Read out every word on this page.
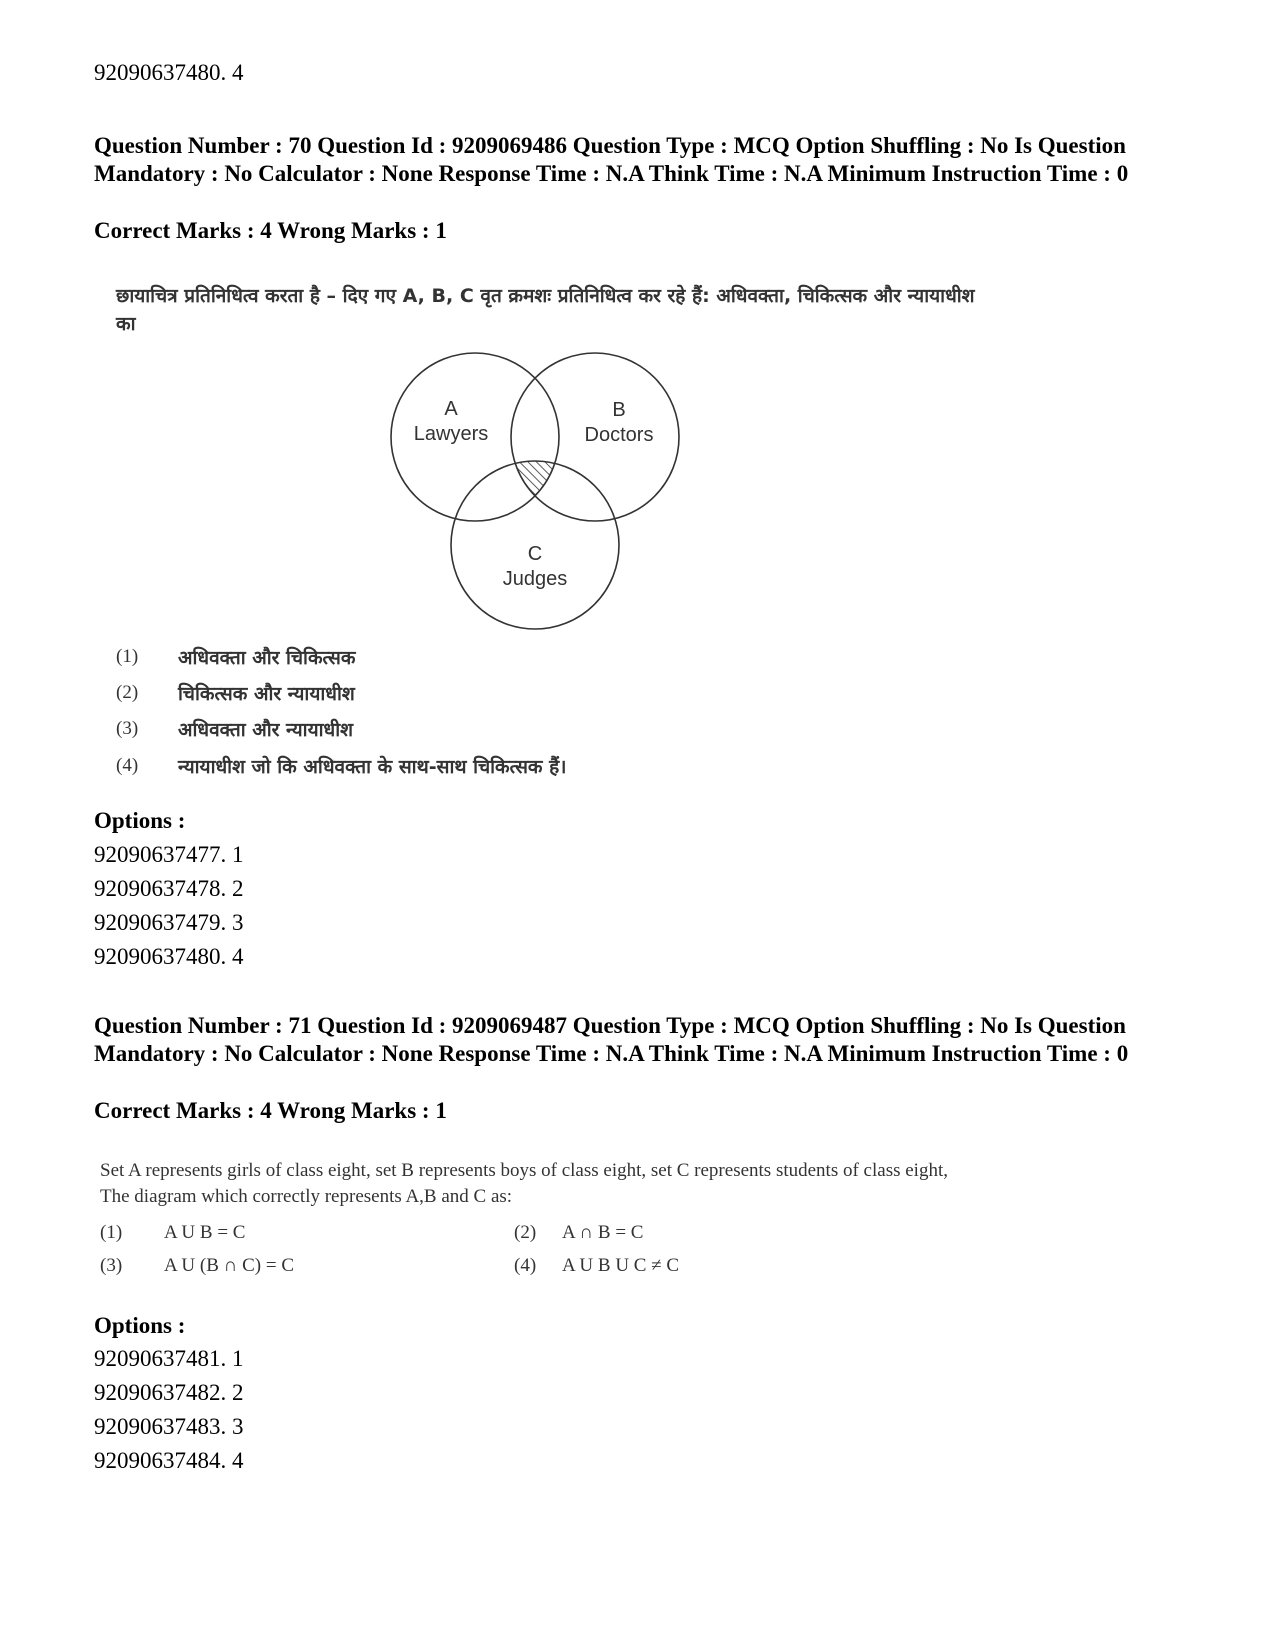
92090637480. 4
Question Number : 70 Question Id : 9209069486 Question Type : MCQ Option Shuffling : No Is Question Mandatory : No Calculator : None Response Time : N.A Think Time : N.A Minimum Instruction Time : 0
Correct Marks : 4 Wrong Marks : 1
छायाचित्र प्रतिनिधित्व करता है – दिए गए A, B, C वृत क्रमशः प्रतिनिधित्व कर रहे हैं: अधिवक्ता, चिकित्सक और न्यायाधीश का
A
Lawyers
B
Doctors
C
Judges
(1) अधिवक्ता और चिकित्सक
(2) चिकित्सक और न्यायाधीश
(3) अधिवक्ता और न्यायाधीश
(4) न्यायाधीश जो कि अधिवक्ता के साथ-साथ चिकित्सक हैं।
Options :
92090637477. 1
92090637478. 2
92090637479. 3
92090637480. 4
Question Number : 71 Question Id : 9209069487 Question Type : MCQ Option Shuffling : No Is Question Mandatory : No Calculator : None Response Time : N.A Think Time : N.A Minimum Instruction Time : 0
Correct Marks : 4 Wrong Marks : 1
Set A represents girls of class eight, set B represents boys of class eight, set C represents students of class eight, The diagram which correctly represents A,B and C as:
(1) A U B = C	(2) A ∩ B = C
(3) A U (B ∩ C) = C	(4) A U B U C ≠ C
Options :
92090637481. 1
92090637482. 2
92090637483. 3
92090637484. 4
